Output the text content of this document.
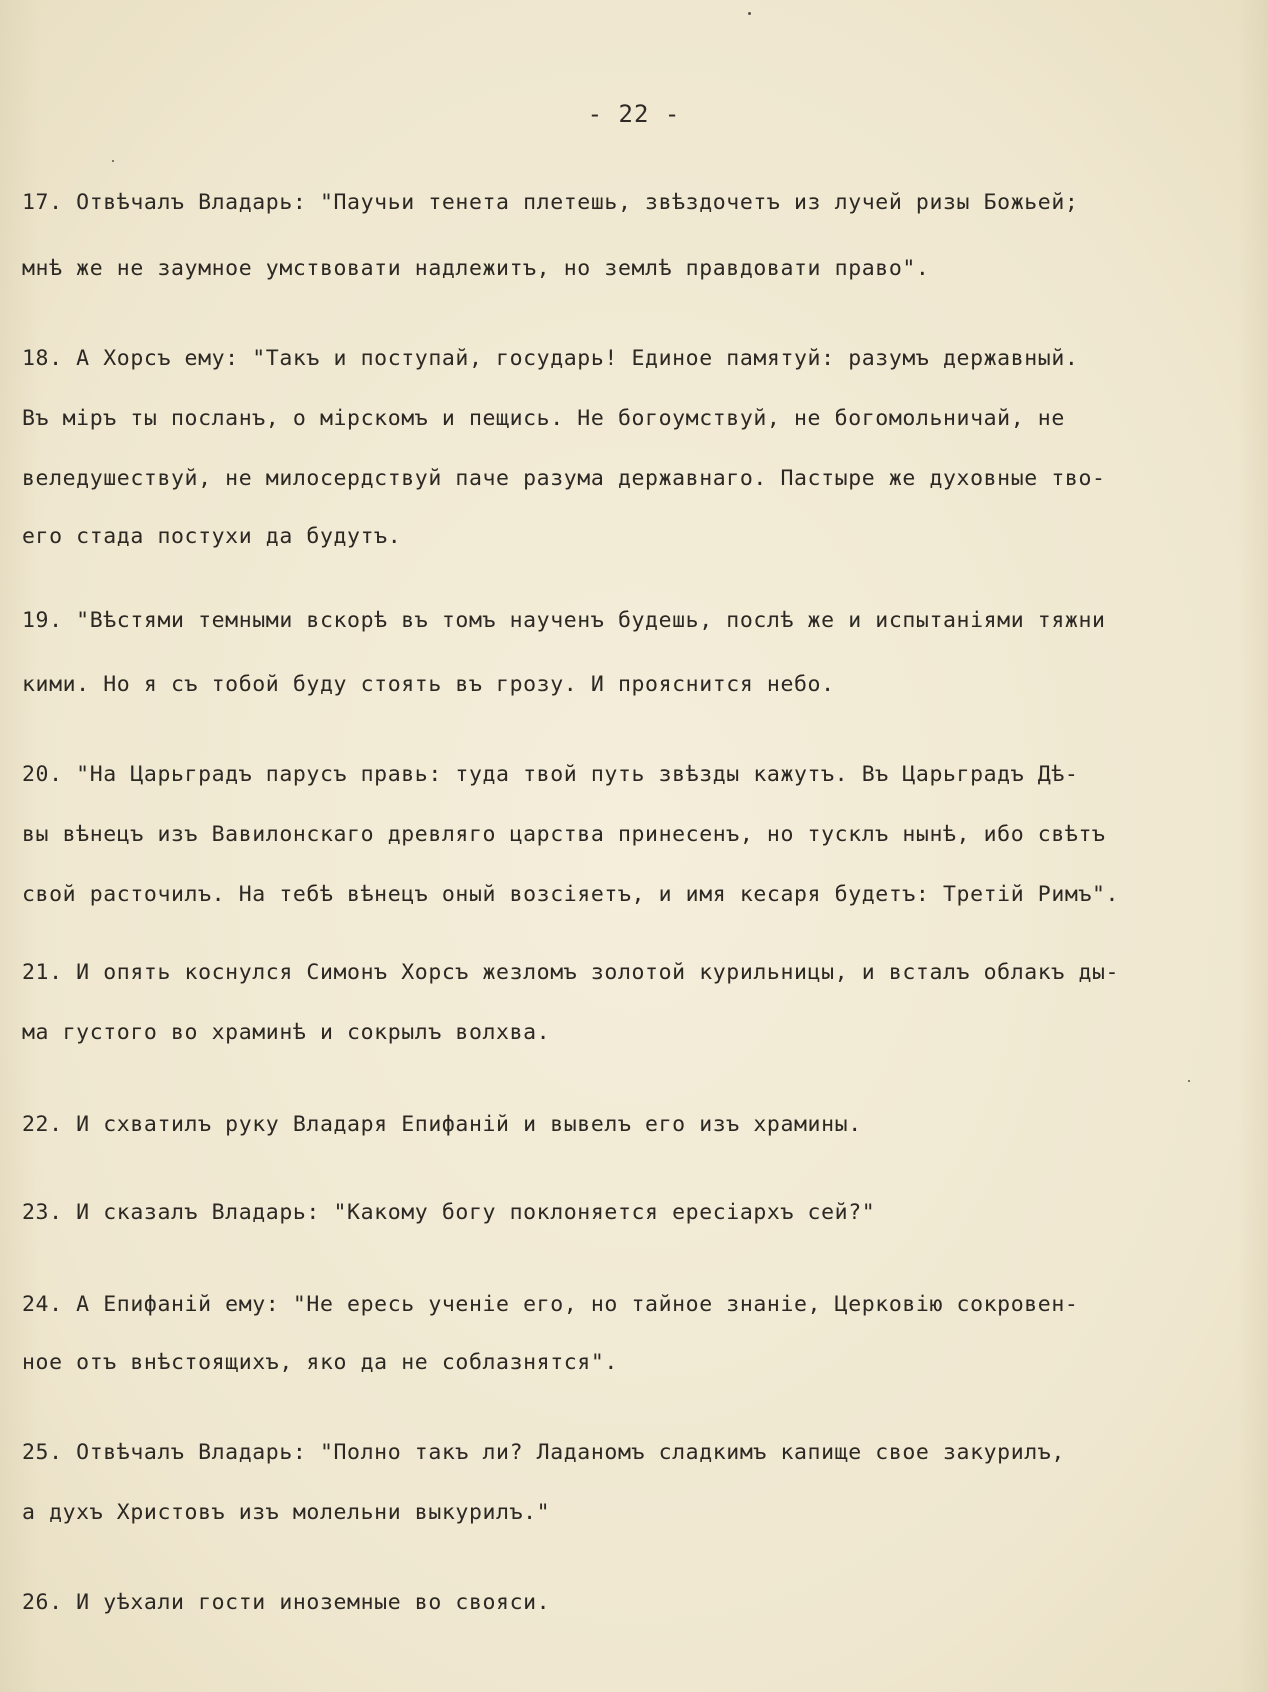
- 22 -
17. Отвѣчалъ Владарь: "Паучьи тенета плетешь, звѣздочетъ из лучей ризы Божьей;
мнѣ же не заумное умствовати надлежитъ, но землѣ правдовати право".
18. А Хорсъ ему: "Такъ и поступай, государь! Единое памятуй: разумъ державный.
Въ міръ ты посланъ, о мірскомъ и пещись. Не богоумствуй, не богомольничай, не
веледушествуй, не милосердствуй паче разума державнаго. Пастыре же духовные тво-
его стада постухи да будутъ.
19. "Вѣстями темными вскорѣ въ томъ наученъ будешь, послѣ же и испытаніями тяжни
кими. Но я съ тобой буду стоять въ грозу. И прояснится небо.
20. "На Царьградъ парусъ правь: туда твой путь звѣзды кажутъ. Въ Царьградъ Дѣ-
вы вѣнецъ изъ Вавилонскаго древляго царства принесенъ, но тусклъ нынѣ, ибо свѣтъ
свой расточилъ. На тебѣ вѣнецъ оный возсіяетъ, и имя кесаря будетъ: Третій Римъ".
21. И опять коснулся Симонъ Хорсъ жезломъ золотой курильницы, и всталъ облакъ ды-
ма густого во храминѣ и сокрылъ волхва.
22. И схватилъ руку Владаря Епифаній и вывелъ его изъ храмины.
23. И сказалъ Владарь: "Какому богу поклоняется ересіархъ сей?"
24. А Епифаній ему: "Не ересь ученіе его, но тайное знаніе, Церковію сокровен-
ное отъ внѣстоящихъ, яко да не соблазнятся".
25. Отвѣчалъ Владарь: "Полно такъ ли? Ладаномъ сладкимъ капище свое закурилъ,
а духъ Христовъ изъ молельни выкурилъ."
26. И уѣхали гости иноземные во свояси.
